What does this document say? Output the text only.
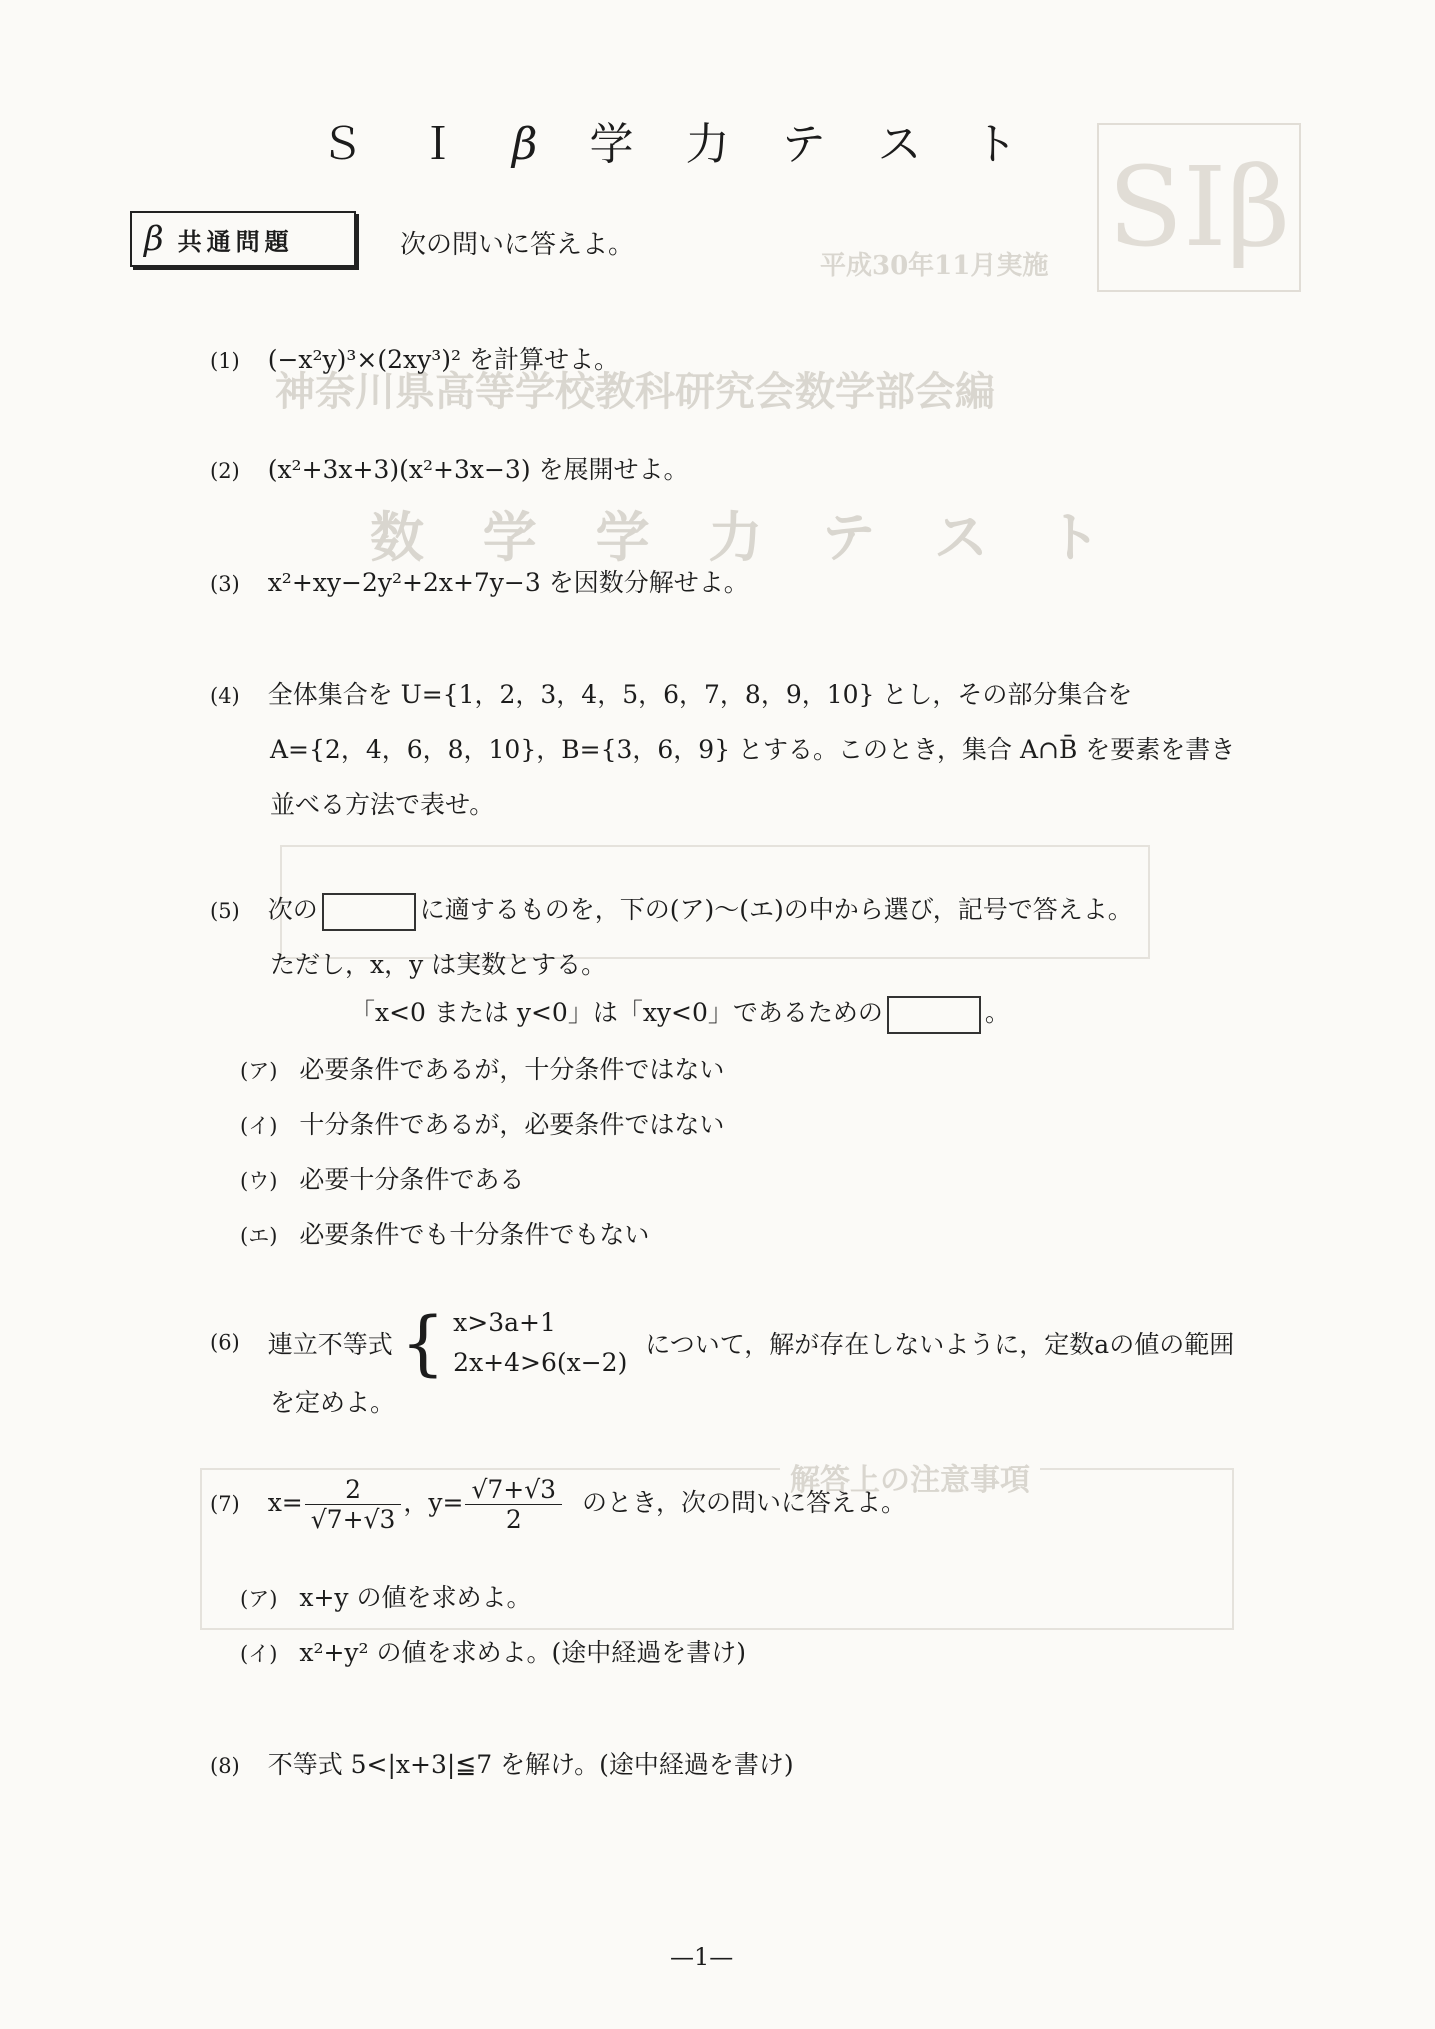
平成30年11月実施
神奈川県高等学校教科研究会数学部会編
数 学 学 力 テ ス ト
解答上の注意事項
SIβ
Ｓ Ｉ β 学 力 テ ス ト
β 共通問題	次の問いに答えよ。
(1) (−x²y)³×(2xy³)² を計算せよ。
(2) (x²+3x+3)(x²+3x−3) を展開せよ。
(3) x²+xy−2y²+2x+7y−3 を因数分解せよ。
(4) 全体集合を U={1，2，3，4，5，6，7，8，9，10} とし，その部分集合を
A={2，4，6，8，10}，B={3，6，9} とする。このとき，集合 A∩B̄ を要素を書き
並べる方法で表せ。
(5) 次の	に適するものを，下の(ア)〜(エ)の中から選び，記号で答えよ。
ただし，x，y は実数とする。
「x<0 または y<0」は「xy<0」であるための	。
(ア) 必要条件であるが，十分条件ではない
(イ) 十分条件であるが，必要条件ではない
(ウ) 必要十分条件である
(エ) 必要条件でも十分条件でもない
(6) 連立不等式 { x>3a+1
2x+4>6(x−2)
について，解が存在しないように，定数aの値の範囲
を定めよ。
(7) $x= \frac{2}{√7+√3}$ ，$y= \frac{√7+√3}{2}$ のとき，次の問いに答えよ。
(ア) x+y の値を求めよ。
(イ) x²+y² の値を求めよ。(途中経過を書け)
(8) 不等式 5<|x+3|≦7 を解け。(途中経過を書け)
—1—
